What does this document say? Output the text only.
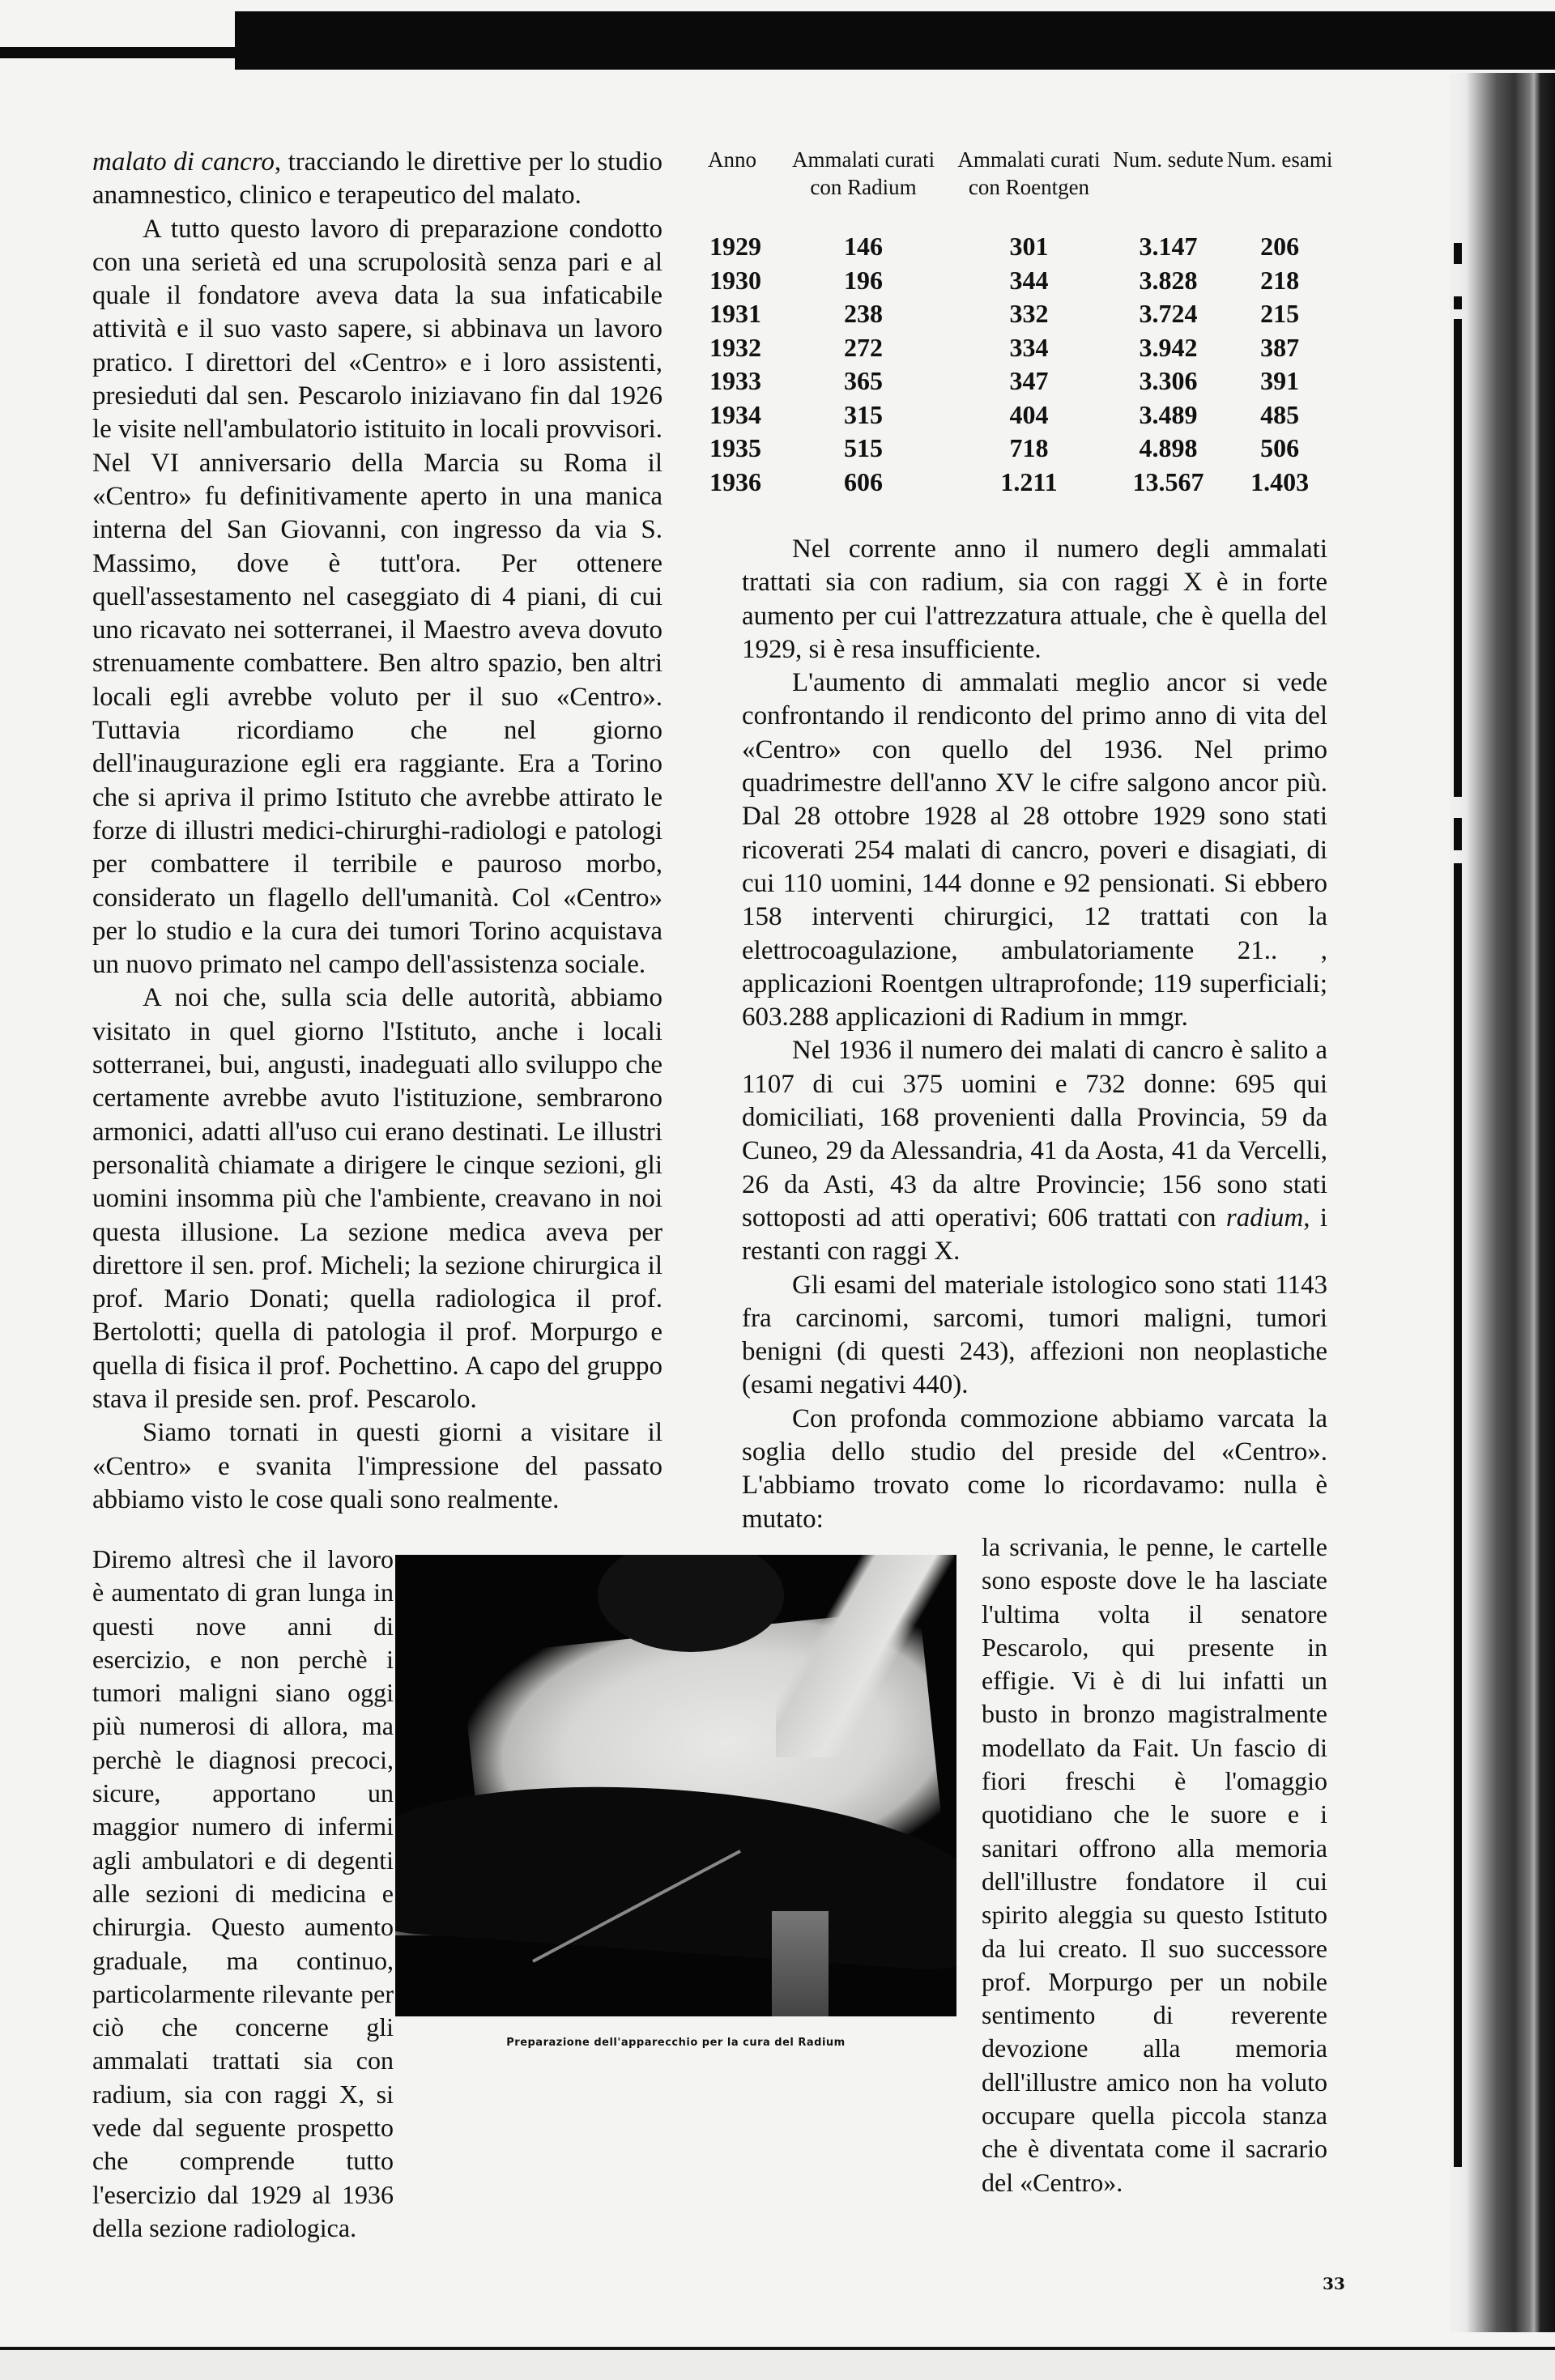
malato di cancro, tracciando le direttive per lo studio anamnestico, clinico e terapeutico del malato.

A tutto questo lavoro di preparazione condotto con una serietà ed una scrupolosità senza pari e al quale il fondatore aveva data la sua infaticabile attività e il suo vasto sapere, si abbinava un lavoro pratico. I direttori del «Centro» e i loro assistenti, presieduti dal sen. Pescarolo iniziavano fin dal 1926 le visite nell'ambulatorio istituito in locali provvisori. Nel VI anniversario della Marcia su Roma il «Centro» fu definitivamente aperto in una manica interna del San Giovanni, con ingresso da via S. Massimo, dove è tutt'ora. Per ottenere quell'assestamento nel caseggiato di 4 piani, di cui uno ricavato nei sotterranei, il Maestro aveva dovuto strenuamente combattere. Ben altro spazio, ben altri locali egli avrebbe voluto per il suo «Centro». Tuttavia ricordiamo che nel giorno dell'inaugurazione egli era raggiante. Era a Torino che si apriva il primo Istituto che avrebbe attirato le forze di illustri medici-chirurghi-radiologi e patologi per combattere il terribile e pauroso morbo, considerato un flagello dell'umanità. Col «Centro» per lo studio e la cura dei tumori Torino acquistava un nuovo primato nel campo dell'assistenza sociale.

A noi che, sulla scia delle autorità, abbiamo visitato in quel giorno l'Istituto, anche i locali sotterranei, bui, angusti, inadeguati allo sviluppo che certamente avrebbe avuto l'istituzione, sembrarono armonici, adatti all'uso cui erano destinati. Le illustri personalità chiamate a dirigere le cinque sezioni, gli uomini insomma più che l'ambiente, creavano in noi questa illusione. La sezione medica aveva per direttore il sen. prof. Micheli; la sezione chirurgica il prof. Mario Donati; quella radiologica il prof. Bertolotti; quella di patologia il prof. Morpurgo e quella di fisica il prof. Pochettino. A capo del gruppo stava il preside sen. prof. Pescarolo.

Siamo tornati in questi giorni a visitare il «Centro» e svanita l'impressione del passato abbiamo visto le cose quali sono realmente.

Diremo altresì che il lavoro è aumentato di gran lunga in questi nove anni di esercizio, e non perchè i tumori maligni siano oggi più numerosi di allora, ma perchè le diagnosi precoci, sicure, apportano un maggior numero di infermi agli ambulatori e di degenti alle sezioni di medicina e chirurgia. Questo aumento graduale, ma continuo, particolarmente rilevante per ciò che concerne gli ammalati trattati sia con radium, sia con raggi X, si vede dal seguente prospetto che comprende tutto l'esercizio dal 1929 al 1936 della sezione radiologica.

Anno	Ammalati curati con Radium	Ammalati curati con Roentgen	Num. sedute	Num. esami
1929	146	301	3.147	206
1930	196	344	3.828	218
1931	238	332	3.724	215
1932	272	334	3.942	387
1933	365	347	3.306	391
1934	315	404	3.489	485
1935	515	718	4.898	506
1936	606	1.211	13.567	1.403

Nel corrente anno il numero degli ammalati trattati sia con radium, sia con raggi X è in forte aumento per cui l'attrezzatura attuale, che è quella del 1929, si è resa insufficiente.

L'aumento di ammalati meglio ancor si vede confrontando il rendiconto del primo anno di vita del «Centro» con quello del 1936. Nel primo quadrimestre dell'anno XV le cifre salgono ancor più. Dal 28 ottobre 1928 al 28 ottobre 1929 sono stati ricoverati 254 malati di cancro, poveri e disagiati, di cui 110 uomini, 144 donne e 92 pensionati. Si ebbero 158 interventi chirurgici, 12 trattati con la elettrocoagulazione, ambulatoriamente 21.. , applicazioni Roentgen ultraprofonde; 119 superficiali; 603.288 applicazioni di Radium in mmgr.

Nel 1936 il numero dei malati di cancro è salito a 1107 di cui 375 uomini e 732 donne: 695 qui domiciliati, 168 provenienti dalla Provincia, 59 da Cuneo, 29 da Alessandria, 41 da Aosta, 41 da Vercelli, 26 da Asti, 43 da altre Provincie; 156 sono stati sottoposti ad atti operativi; 606 trattati con radium, i restanti con raggi X.

Gli esami del materiale istologico sono stati 1143 fra carcinomi, sarcomi, tumori maligni, tumori benigni (di questi 243), affezioni non neoplastiche (esami negativi 440).

Con profonda commozione abbiamo varcata la soglia dello studio del preside del «Centro». L'abbiamo trovato come lo ricordavamo: nulla è mutato:

la scrivania, le penne, le cartelle sono esposte dove le ha lasciate l'ultima volta il senatore Pescarolo, qui presente in effigie. Vi è di lui infatti un busto in bronzo magistralmente modellato da Fait. Un fascio di fiori freschi è l'omaggio quotidiano che le suore e i sanitari offrono alla memoria dell'illustre fondatore il cui spirito aleggia su questo Istituto da lui creato. Il suo successore prof. Morpurgo per un nobile sentimento di reverente devozione alla memoria dell'illustre amico non ha voluto occupare quella piccola stanza che è diventata come il sacrario del «Centro».

Preparazione dell'apparecchio per la cura del Radium
33
